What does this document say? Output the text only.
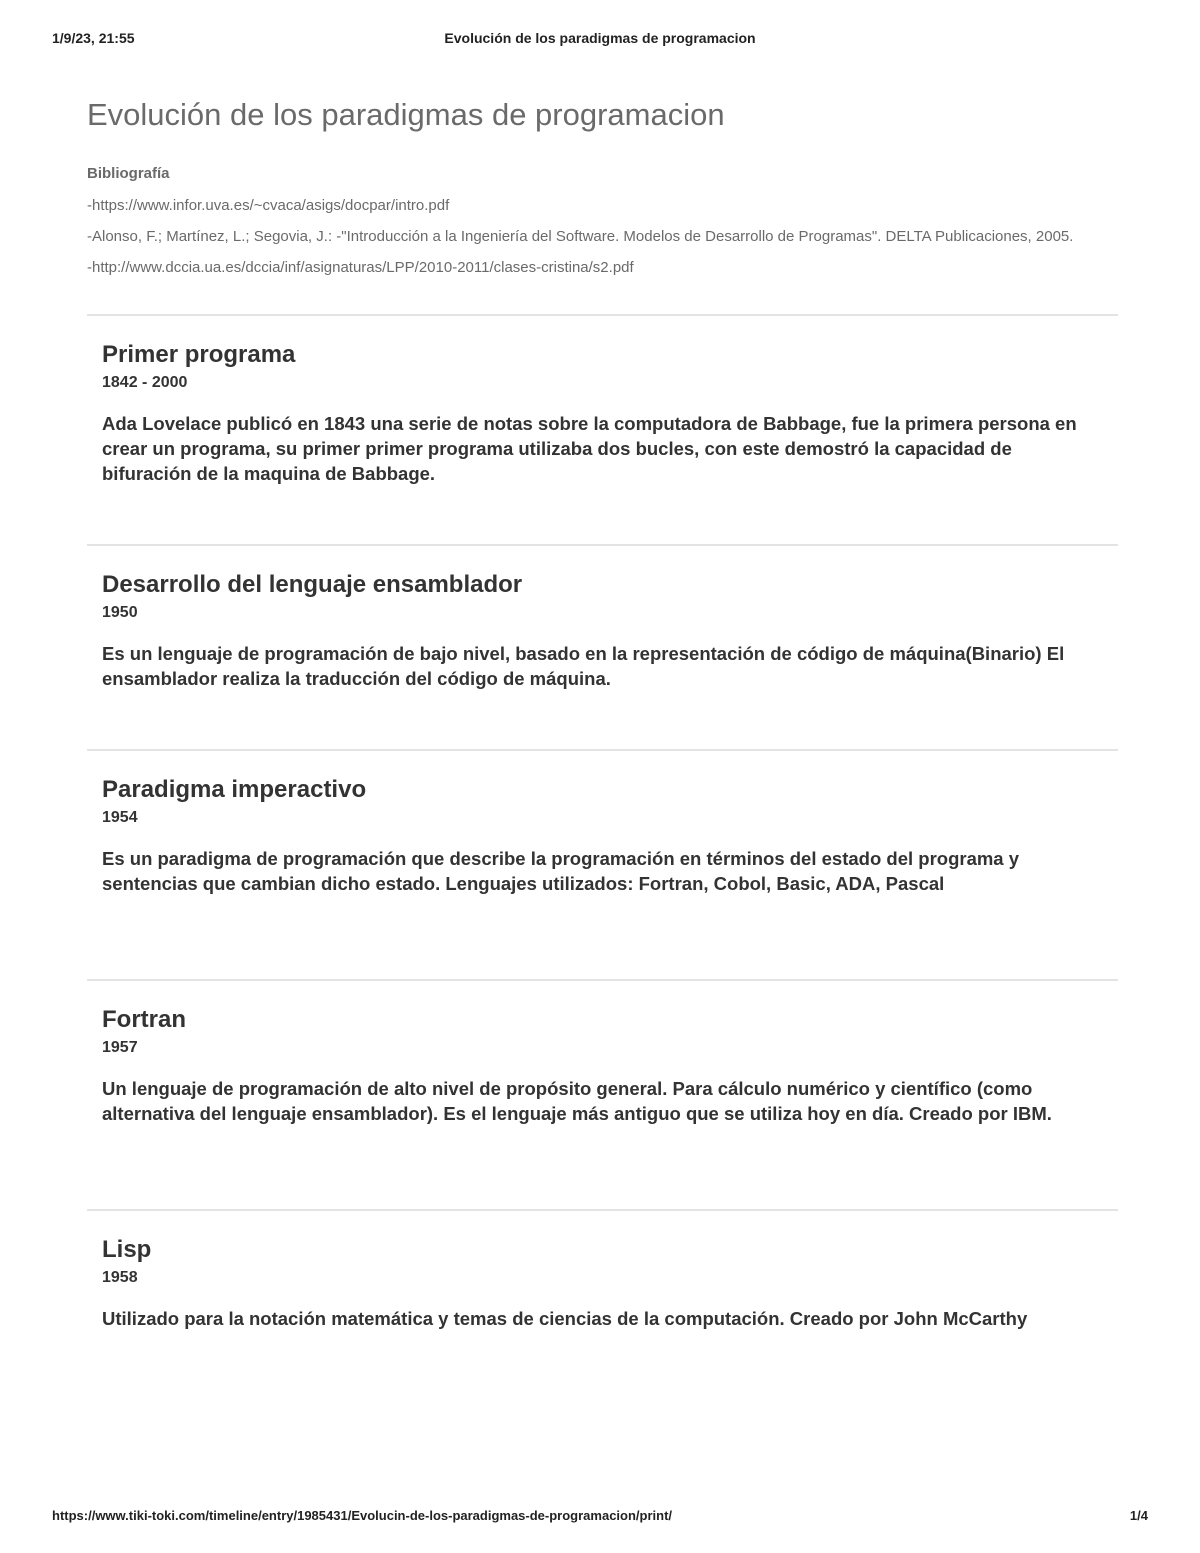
1/9/23, 21:55	Evolución de los paradigmas de programacion
Evolución de los paradigmas de programacion
Bibliografía
-https://www.infor.uva.es/~cvaca/asigs/docpar/intro.pdf
-Alonso, F.; Martínez, L.; Segovia, J.: -"Introducción a la Ingeniería del Software. Modelos de Desarrollo de Programas". DELTA Publicaciones, 2005.
-http://www.dccia.ua.es/dccia/inf/asignaturas/LPP/2010-2011/clases-cristina/s2.pdf
Primer programa
1842 - 2000

Ada Lovelace publicó en 1843 una serie de notas sobre la computadora de Babbage, fue la primera persona en crear un programa, su primer primer programa utilizaba dos bucles, con este demostró la capacidad de bifuración de la maquina de Babbage.

Desarrollo del lenguaje ensamblador
1950

Es un lenguaje de programación de bajo nivel, basado en la representación de código de máquina(Binario) El ensamblador realiza la traducción del código de máquina.

Paradigma imperactivo
1954

Es un paradigma de programación que describe la programación en términos del estado del programa y sentencias que cambian dicho estado. Lenguajes utilizados: Fortran, Cobol, Basic, ADA, Pascal

Fortran
1957

Un lenguaje de programación de alto nivel de propósito general. Para cálculo numérico y científico (como alternativa del lenguaje ensamblador). Es el lenguaje más antiguo que se utiliza hoy en día. Creado por IBM.

Lisp
1958

Utilizado para la notación matemática y temas de ciencias de la computación. Creado por John McCarthy

https://www.tiki-toki.com/timeline/entry/1985431/Evolucin-de-los-paradigmas-de-programacion/print/	1/4
